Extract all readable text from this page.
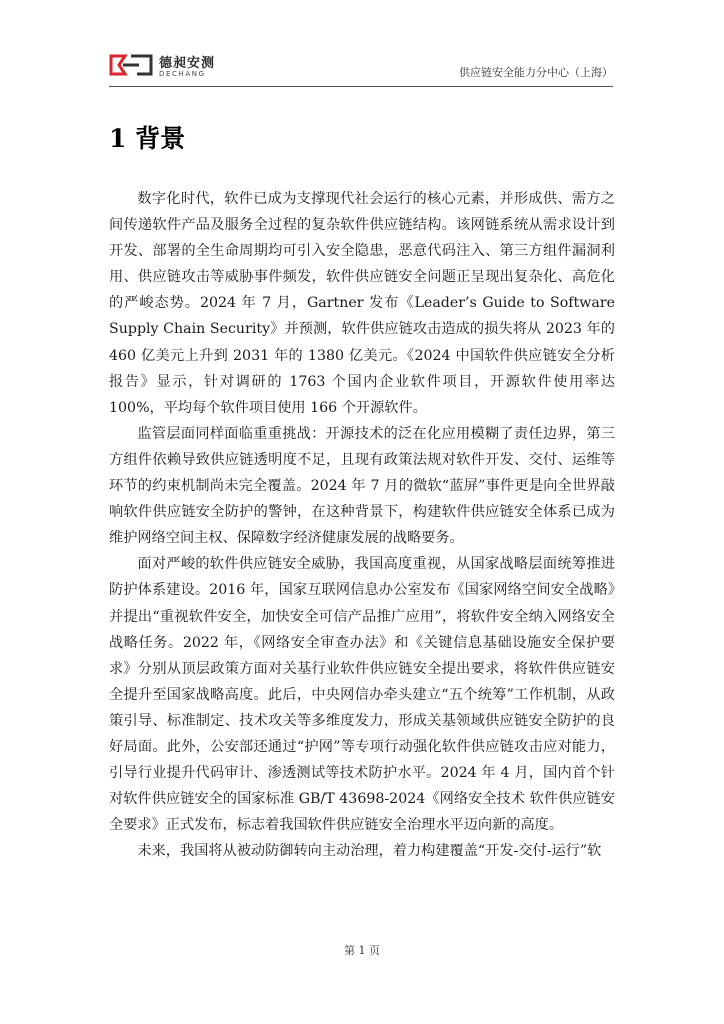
德昶安测
DECHANG	供应链安全能力分中心（上海）
1 背景

数字化时代，软件已成为支撑现代社会运行的核心元素，并形成供、需方之间传递软件产品及服务全过程的复杂软件供应链结构。该网链系统从需求设计到开发、部署的全生命周期均可引入安全隐患，恶意代码注入、第三方组件漏洞利用、供应链攻击等威胁事件频发，软件供应链安全问题正呈现出复杂化、高危化的严峻态势。2024 年 7 月，Gartner 发布《Leader’s Guide to Software Supply Chain Security》并预测，软件供应链攻击造成的损失将从 2023 年的 460 亿美元上升到 2031 年的 1380 亿美元。《2024 中国软件供应链安全分析报告》显示，针对调研的 1763 个国内企业软件项目，开源软件使用率达 100%，平均每个软件项目使用 166 个开源软件。

监管层面同样面临重重挑战：开源技术的泛在化应用模糊了责任边界，第三方组件依赖导致供应链透明度不足，且现有政策法规对软件开发、交付、运维等环节的约束机制尚未完全覆盖。2024 年 7 月的微软“蓝屏”事件更是向全世界敲响软件供应链安全防护的警钟，在这种背景下，构建软件供应链安全体系已成为维护网络空间主权、保障数字经济健康发展的战略要务。

面对严峻的软件供应链安全威胁，我国高度重视，从国家战略层面统筹推进防护体系建设。2016 年，国家互联网信息办公室发布《国家网络空间安全战略》并提出“重视软件安全，加快安全可信产品推广应用”，将软件安全纳入网络安全战略任务。2022 年，《网络安全审查办法》和《关键信息基础设施安全保护要求》分别从顶层政策方面对关基行业软件供应链安全提出要求，将软件供应链安全提升至国家战略高度。此后，中央网信办牵头建立“五个统筹”工作机制，从政策引导、标准制定、技术攻关等多维度发力，形成关基领域供应链安全防护的良好局面。此外，公安部还通过“护网”等专项行动强化软件供应链攻击应对能力，引导行业提升代码审计、渗透测试等技术防护水平。2024 年 4 月，国内首个针对软件供应链安全的国家标准 GB/T 43698-2024《网络安全技术 软件供应链安全要求》正式发布，标志着我国软件供应链安全治理水平迈向新的高度。

未来，我国将从被动防御转向主动治理，着力构建覆盖“开发-交付-运行”软

第 1 页
